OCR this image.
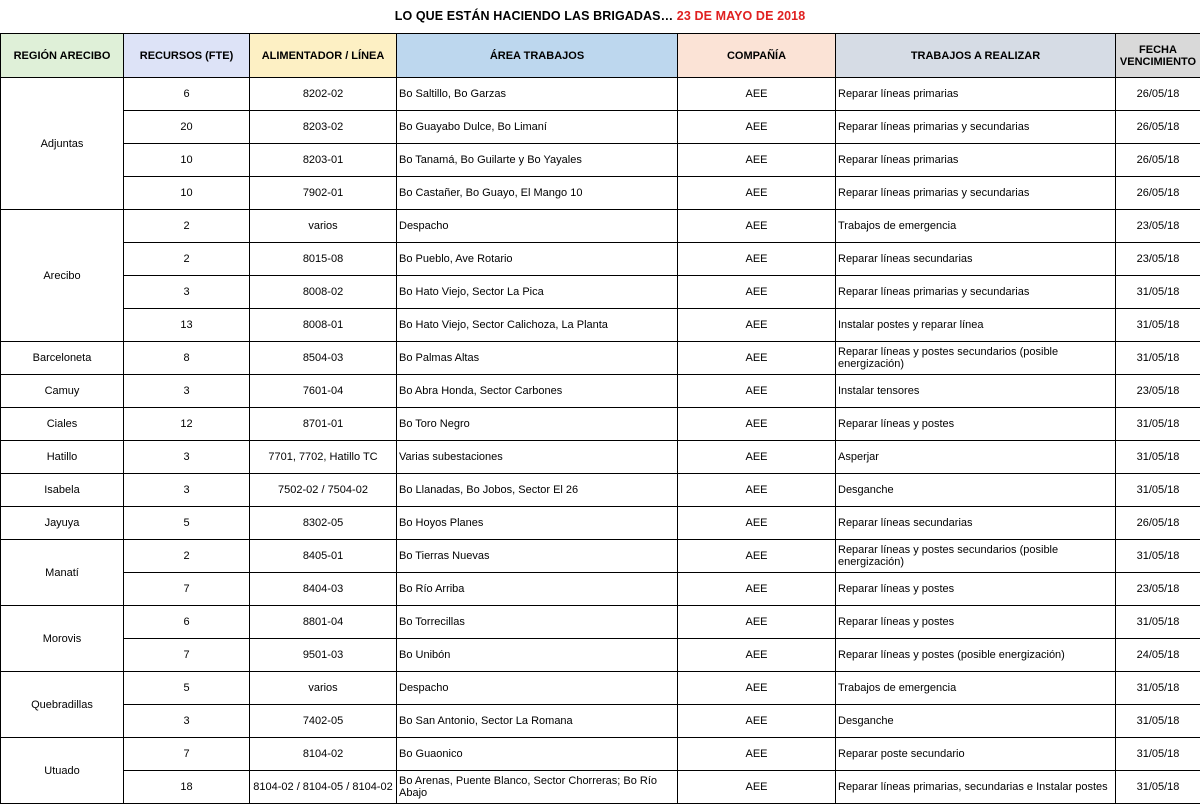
LO QUE ESTÁN HACIENDO LAS BRIGADAS… 23 DE MAYO DE 2018
REGIÓN ARECIBO	RECURSOS (FTE)	ALIMENTADOR / LÍNEA	ÁREA TRABAJOS	COMPAÑÍA	TRABAJOS A REALIZAR	FECHA VENCIMIENTO
Adjuntas	6	8202-02	Bo Saltillo, Bo Garzas	AEE	Reparar líneas primarias	26/05/18
	20	8203-02	Bo Guayabo Dulce, Bo Limaní	AEE	Reparar líneas primarias y secundarias	26/05/18
	10	8203-01	Bo Tanamá, Bo Guilarte y Bo Yayales	AEE	Reparar líneas primarias	26/05/18
	10	7902-01	Bo Castañer, Bo Guayo, El Mango 10	AEE	Reparar líneas primarias y secundarias	26/05/18
Arecibo	2	varios	Despacho	AEE	Trabajos de emergencia	23/05/18
	2	8015-08	Bo Pueblo, Ave Rotario	AEE	Reparar líneas secundarias	23/05/18
	3	8008-02	Bo Hato Viejo, Sector La Pica	AEE	Reparar líneas primarias y secundarias	31/05/18
	13	8008-01	Bo Hato Viejo, Sector Calichoza, La Planta	AEE	Instalar postes y reparar línea	31/05/18
Barceloneta	8	8504-03	Bo Palmas Altas	AEE	Reparar líneas y postes secundarios (posible energización)	31/05/18
Camuy	3	7601-04	Bo Abra Honda, Sector Carbones	AEE	Instalar tensores	23/05/18
Ciales	12	8701-01	Bo Toro Negro	AEE	Reparar líneas y postes	31/05/18
Hatillo	3	7701, 7702, Hatillo TC	Varias subestaciones	AEE	Asperjar	31/05/18
Isabela	3	7502-02 / 7504-02	Bo Llanadas, Bo Jobos, Sector El 26	AEE	Desganche	31/05/18
Jayuya	5	8302-05	Bo Hoyos Planes	AEE	Reparar líneas secundarias	26/05/18
Manatí	2	8405-01	Bo Tierras Nuevas	AEE	Reparar líneas y postes secundarios (posible energización)	31/05/18
	7	8404-03	Bo Río Arriba	AEE	Reparar líneas y postes	23/05/18
Morovis	6	8801-04	Bo Torrecillas	AEE	Reparar líneas y postes	31/05/18
	7	9501-03	Bo Unibón	AEE	Reparar líneas y postes (posible energización)	24/05/18
Quebradillas	5	varios	Despacho	AEE	Trabajos de emergencia	31/05/18
	3	7402-05	Bo San Antonio, Sector La Romana	AEE	Desganche	31/05/18
Utuado	7	8104-02	Bo Guaonico	AEE	Reparar poste secundario	31/05/18
	18	8104-02 / 8104-05 / 8104-02	Bo Arenas, Puente Blanco, Sector Chorreras; Bo Río Abajo	AEE	Reparar líneas primarias, secundarias e Instalar postes	31/05/18
